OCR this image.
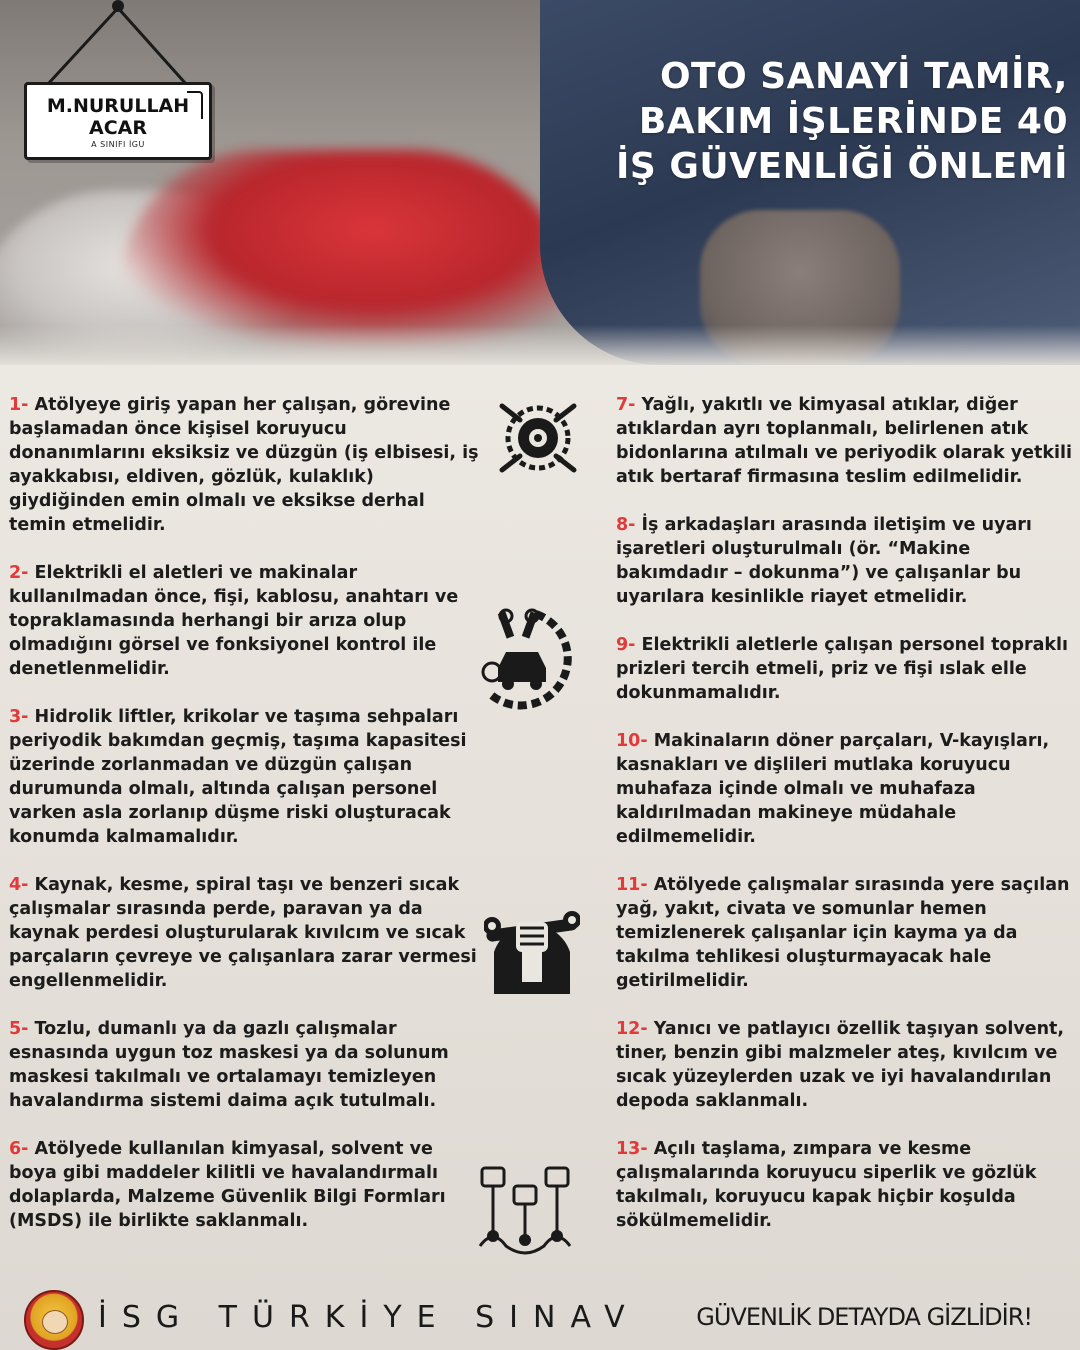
M.NURULLAH
ACAR
A SINIFI İGU
OTO SANAYİ TAMİR,
BAKIM İŞLERİNDE 40
İŞ GÜVENLİĞİ ÖNLEMİ

1- Atölyeye giriş yapan her çalışan, görevine başlamadan önce kişisel koruyucu donanımlarını eksiksiz ve düzgün (iş elbisesi, iş ayakkabısı, eldiven, gözlük, kulaklık) giydiğinden emin olmalı ve eksikse derhal temin etmelidir.

2- Elektrikli el aletleri ve makinalar kullanılmadan önce, fişi, kablosu, anahtarı ve topraklamasında herhangi bir arıza olup olmadığını görsel ve fonksiyonel kontrol ile denetlenmelidir.

3- Hidrolik liftler, krikolar ve taşıma sehpaları periyodik bakımdan geçmiş, taşıma kapasitesi üzerinde zorlanmadan ve düzgün çalışan durumunda olmalı, altında çalışan personel varken asla zorlanıp düşme riski oluşturacak konumda kalmamalıdır.

4- Kaynak, kesme, spiral taşı ve benzeri sıcak çalışmalar sırasında perde, paravan ya da kaynak perdesi oluşturularak kıvılcım ve sıcak parçaların çevreye ve çalışanlara zarar vermesi engellenmelidir.

5- Tozlu, dumanlı ya da gazlı çalışmalar esnasında uygun toz maskesi ya da solunum maskesi takılmalı ve ortalamayı temizleyen havalandırma sistemi daima açık tutulmalı.

6- Atölyede kullanılan kimyasal, solvent ve boya gibi maddeler kilitli ve havalandırmalı dolaplarda, Malzeme Güvenlik Bilgi Formları (MSDS) ile birlikte saklanmalı.

7- Yağlı, yakıtlı ve kimyasal atıklar, diğer atıklardan ayrı toplanmalı, belirlenen atık bidonlarına atılmalı ve periyodik olarak yetkili atık bertaraf firmasına teslim edilmelidir.

8- İş arkadaşları arasında iletişim ve uyarı işaretleri oluşturulmalı (ör. “Makine bakımdadır – dokunma”) ve çalışanlar bu uyarılara kesinlikle riayet etmelidir.

9- Elektrikli aletlerle çalışan personel topraklı prizleri tercih etmeli, priz ve fişi ıslak elle dokunmamalıdır.

10- Makinaların döner parçaları, V-kayışları, kasnakları ve dişlileri mutlaka koruyucu muhafaza içinde olmalı ve muhafaza kaldırılmadan makineye müdahale edilmemelidir.

11- Atölyede çalışmalar sırasında yere saçılan yağ, yakıt, civata ve somunlar hemen temizlenerek çalışanlar için kayma ya da takılma tehlikesi oluşturmayacak hale getirilmelidir.

12- Yanıcı ve patlayıcı özellik taşıyan solvent, tiner, benzin gibi malzmeler ateş, kıvılcım ve sıcak yüzeylerden uzak ve iyi havalandırılan depoda saklanmalı.

13- Açılı taşlama, zımpara ve kesme çalışmalarında koruyucu siperlik ve gözlük takılmalı, koruyucu kapak hiçbir koşulda sökülmemelidir.

İSG TÜRKİYE SINAV GÜVENLİK DETAYDA GİZLİDİR!
